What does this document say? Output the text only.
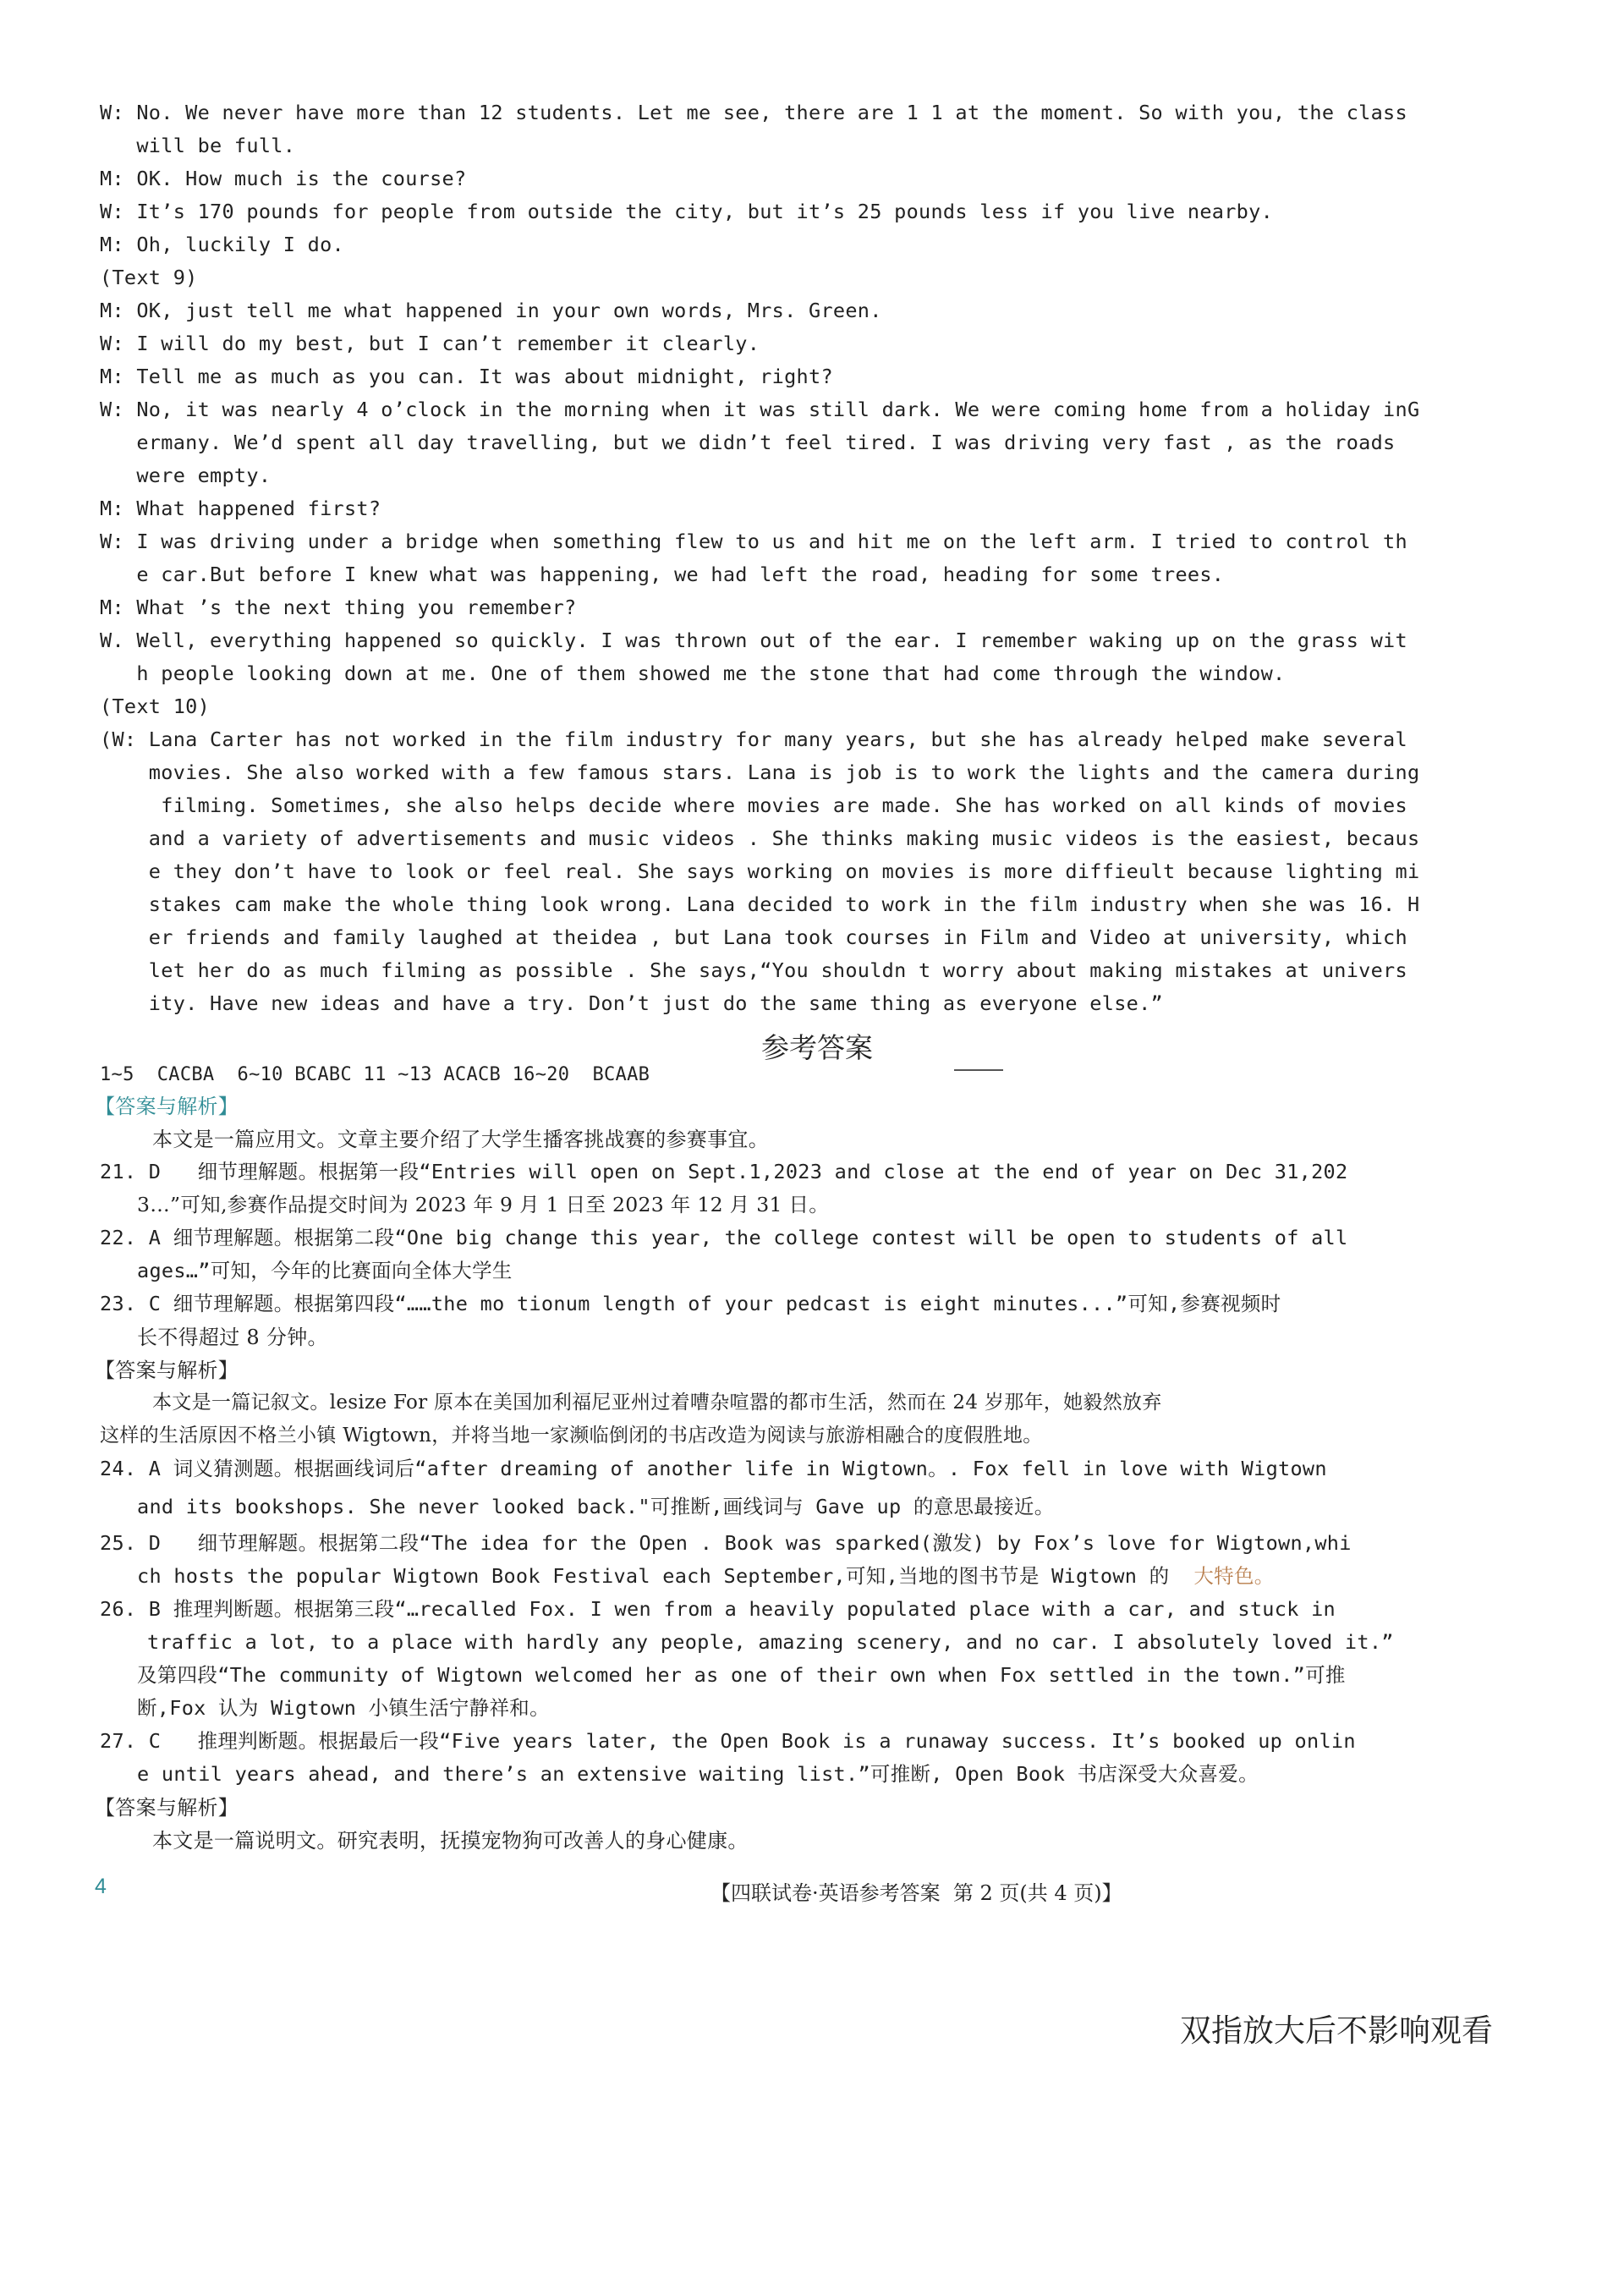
W: No. We never have more than 12 students. Let me see, there are 1 1 at the moment. So with you, the class
will be full.
M: OK. How much is the course?
W: It’s 170 pounds for people from outside the city, but it’s 25 pounds less if you live nearby.
M: Oh, luckily I do.
(Text 9)
M: OK, just tell me what happened in your own words, Mrs. Green.
W: I will do my best, but I can’t remember it clearly.
M: Tell me as much as you can. It was about midnight, right?
W: No, it was nearly 4 o’clock in the morning when it was still dark. We were coming home from a holiday inG
ermany. We’d spent all day travelling, but we didn’t feel tired. I was driving very fast , as the roads
were empty.
M: What happened first?
W: I was driving under a bridge when something flew to us and hit me on the left arm. I tried to control th
e car.But before I knew what was happening, we had left the road, heading for some trees.
M: What ’s the next thing you remember?
W. Well, everything happened so quickly. I was thrown out of the ear. I remember waking up on the grass wit
h people looking down at me. One of them showed me the stone that had come through the window.
(Text 10)
(W: Lana Carter has not worked in the film industry for many years, but she has already helped make several
movies. She also worked with a few famous stars. Lana is job is to work the lights and the camera during
filming. Sometimes, she also helps decide where movies are made. She has worked on all kinds of movies
and a variety of advertisements and music videos . She thinks making music videos is the easiest, becaus
e they don’t have to look or feel real. She says working on movies is more diffieult because lighting mi
stakes cam make the whole thing look wrong. Lana decided to work in the film industry when she was 16. H
er friends and family laughed at theidea , but Lana took courses in Film and Video at university, which
let her do as much filming as possible . She says,“You shouldn t worry about making mistakes at univers
ity. Have new ideas and have a try. Don’t just do the same thing as everyone else.”
参考答案
1~5  CACBA  6~10 BCABC 11 ~13 ACACB 16~20  BCAAB
【答案与解析】
本文是一篇应用文。文章主要介绍了大学生播客挑战赛的参赛事宜。
21. D   细节理解题。根据第一段“Entries will open on Sept.1,2023 and close at the end of year on Dec 31,202
3…”可知,参赛作品提交时间为 2023 年 9 月 1 日至 2023 年 12 月 31 日。
22. A 细节理解题。根据第二段“One big change this year, the college contest will be open to students of all
ages…”可知，今年的比赛面向全体大学生
23. C 细节理解题。根据第四段“……the mo tionum length of your pedcast is eight minutes...”可知,参赛视频时
长不得超过 8 分钟。
【答案与解析】
本文是一篇记叙文。lesize For 原本在美国加利福尼亚州过着嘈杂喧嚣的都市生活，然而在 24 岁那年，她毅然放弃
这样的生活原因不格兰小镇 Wigtown，并将当地一家濒临倒闭的书店改造为阅读与旅游相融合的度假胜地。
24. A 词义猜测题。根据画线词后“after dreaming of another life in Wigtown。. Fox fell in love with Wigtown
and its bookshops. She never looked back."可推断,画线词与 Gave up 的意思最接近。
25. D   细节理解题。根据第二段“The idea for the Open . Book was sparked(激发) by Fox’s love for Wigtown,whi
ch hosts the popular Wigtown Book Festival each September,可知,当地的图书节是 Wigtown 的  大特色。
26. B 推理判断题。根据第三段“…recalled Fox. I wen from a heavily populated place with a car, and stuck in
traffic a lot, to a place with hardly any people, amazing scenery, and no car. I absolutely loved it.”
及第四段“The community of Wigtown welcomed her as one of their own when Fox settled in the town.”可推
断,Fox 认为 Wigtown 小镇生活宁静祥和。
27. C   推理判断题。根据最后一段“Five years later, the Open Book is a runaway success. It’s booked up onlin
e until years ahead, and there’s an extensive waiting list.”可推断, Open Book 书店深受大众喜爱。
【答案与解析】
本文是一篇说明文。研究表明，抚摸宠物狗可改善人的身心健康。
4	【四联试卷·英语参考答案  第 2 页(共 4 页)】
双指放大后不影响观看
